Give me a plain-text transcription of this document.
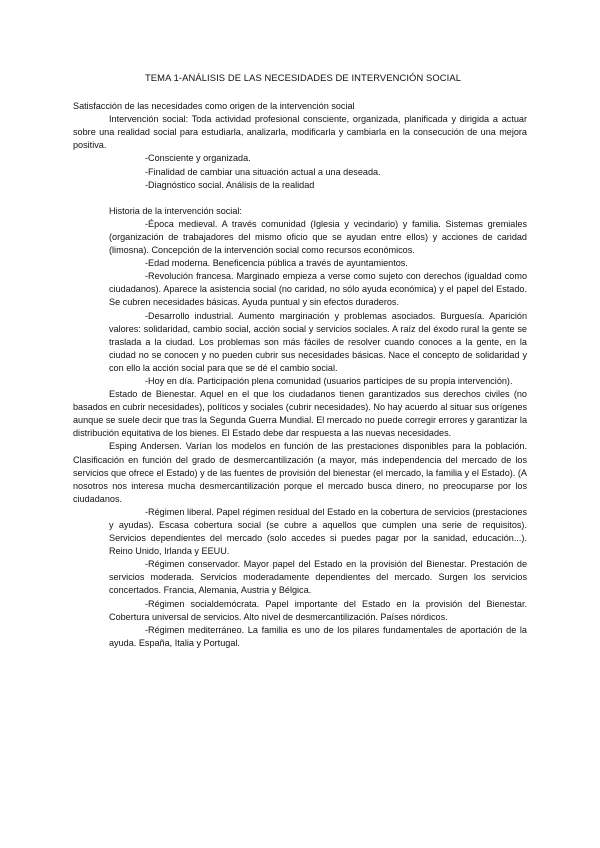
TEMA 1-ANÁLISIS DE LAS NECESIDADES DE INTERVENCIÓN SOCIAL

Satisfacción de las necesidades como origen de la intervención social

Intervención social: Toda actividad profesional consciente, organizada, planificada y dirigida a actuar sobre una realidad social para estudiarla, analizarla, modificarla y cambiarla en la consecución de una mejora positiva.

-Consciente y organizada.

-Finalidad de cambiar una situación actual a una deseada.

-Diagnóstico social. Análisis de la realidad

Historia de la intervención social:

-Época medieval. A través comunidad (Iglesia y vecindario) y familia. Sistemas gremiales (organización de trabajadores del mismo oficio que se ayudan entre ellos) y acciones de caridad (limosna). Concepción de la intervención social como recursos económicos.

-Edad moderna. Beneficencia pública a través de ayuntamientos.

-Revolución francesa. Marginado empieza a verse como sujeto con derechos (igualdad como ciudadanos). Aparece la asistencia social (no caridad, no sólo ayuda económica) y el papel del Estado. Se cubren necesidades básicas. Ayuda puntual y sin efectos duraderos.

-Desarrollo industrial. Aumento marginación y problemas asociados. Burguesía. Aparición valores: solidaridad, cambio social, acción social y servicios sociales. A raíz del éxodo rural la gente se traslada a la ciudad. Los problemas son más fáciles de resolver cuando conoces a la gente, en la ciudad no se conocen y no pueden cubrir sus necesidades básicas. Nace el concepto de solidaridad y con ello la acción social para que se dé el cambio social.

-Hoy en día. Participación plena comunidad (usuarios partícipes de su propia intervención).

Estado de Bienestar. Aquel en el que los ciudadanos tienen garantizados sus derechos civiles (no basados en cubrir necesidades), políticos y sociales (cubrir necesidades). No hay acuerdo al situar sus orígenes aunque se suele decir que tras la Segunda Guerra Mundial. El mercado no puede corregir errores y garantizar la distribución equitativa de los bienes. El Estado debe dar respuesta a las nuevas necesidades.

Esping Andersen. Varían los modelos en función de las prestaciones disponibles para la población. Clasificación en función del grado de desmercantilización (a mayor, más independencia del mercado de los servicios que ofrece el Estado) y de las fuentes de provisión del bienestar (el mercado, la familia y el Estado). (A nosotros nos interesa mucha desmercantilización porque el mercado busca dinero, no preocuparse por los ciudadanos.

-Régimen liberal. Papel régimen residual del Estado en la cobertura de servicios (prestaciones y ayudas). Escasa cobertura social (se cubre a aquellos que cumplen una serie de requisitos). Servicios dependientes del mercado (solo accedes si puedes pagar por la sanidad, educación...). Reino Unido, Irlanda y EEUU.

-Régimen conservador. Mayor papel del Estado en la provisión del Bienestar. Prestación de servicios moderada. Servicios moderadamente dependientes del mercado. Surgen los servicios concertados. Francia, Alemania, Austria y Bélgica.

-Régimen socialdemócrata. Papel importante del Estado en la provisión del Bienestar. Cobertura universal de servicios. Alto nivel de desmercantilización. Países nórdicos.

-Régimen mediterráneo. La familia es uno de los pilares fundamentales de aportación de la ayuda. España, Italia y Portugal.
